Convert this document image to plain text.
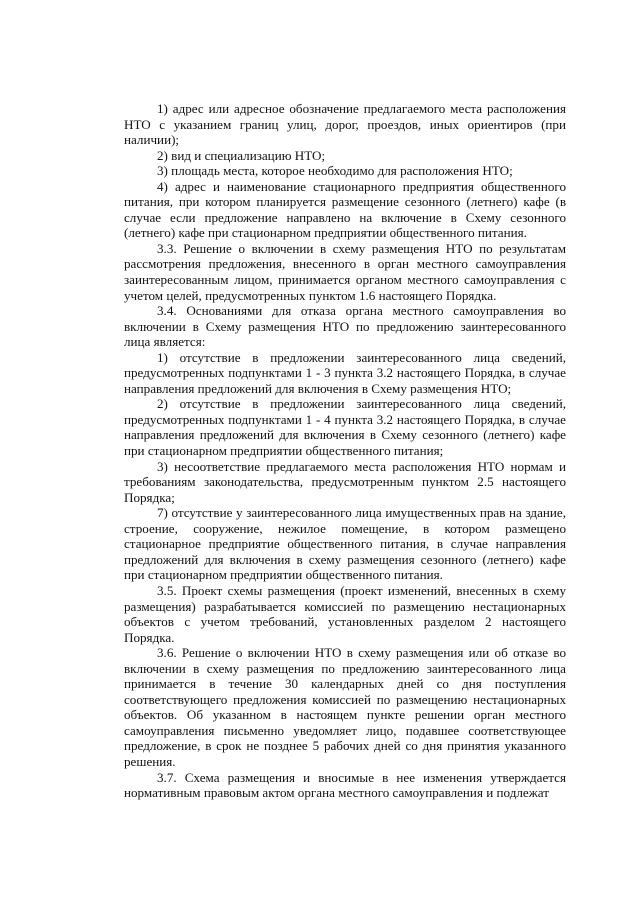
1) адрес или адресное обозначение предлагаемого места расположения НТО с указанием границ улиц, дорог, проездов, иных ориентиров (при наличии);

2) вид и специализацию НТО;

3) площадь места, которое необходимо для расположения НТО;

4) адрес и наименование стационарного предприятия общественного питания, при котором планируется размещение сезонного (летнего) кафе (в случае если предложение направлено на включение в Схему сезонного (летнего) кафе при стационарном предприятии общественного питания.

3.3. Решение о включении в схему размещения НТО по результатам рассмотрения предложения, внесенного в орган местного самоуправления заинтересованным лицом, принимается органом местного самоуправления с учетом целей, предусмотренных пунктом 1.6 настоящего Порядка.

3.4. Основаниями для отказа органа местного самоуправления во включении в Схему размещения НТО по предложению заинтересованного лица является:

1) отсутствие в предложении заинтересованного лица сведений, предусмотренных подпунктами 1 - 3 пункта 3.2 настоящего Порядка, в случае направления предложений для включения в Схему размещения НТО;

2) отсутствие в предложении заинтересованного лица сведений, предусмотренных подпунктами 1 - 4 пункта 3.2 настоящего Порядка, в случае направления предложений для включения в Схему сезонного (летнего) кафе при стационарном предприятии общественного питания;

3) несоответствие предлагаемого места расположения НТО нормам и требованиям законодательства, предусмотренным пунктом 2.5 настоящего Порядка;

7) отсутствие у заинтересованного лица имущественных прав на здание, строение, сооружение, нежилое помещение, в котором размещено стационарное предприятие общественного питания, в случае направления предложений для включения в схему размещения сезонного (летнего) кафе при стационарном предприятии общественного питания.

3.5. Проект схемы размещения (проект изменений, внесенных в схему размещения) разрабатывается комиссией по размещению нестационарных объектов с учетом требований, установленных разделом 2 настоящего Порядка.

3.6. Решение о включении НТО в схему размещения или об отказе во включении в схему размещения по предложению заинтересованного лица принимается в течение 30 календарных дней со дня поступления соответствующего предложения комиссией по размещению нестационарных объектов. Об указанном в настоящем пункте решении орган местного самоуправления письменно уведомляет лицо, подавшее соответствующее предложение, в срок не позднее 5 рабочих дней со дня принятия указанного решения.

3.7. Схема размещения и вносимые в нее изменения утверждается нормативным правовым актом органа местного самоуправления и подлежат
